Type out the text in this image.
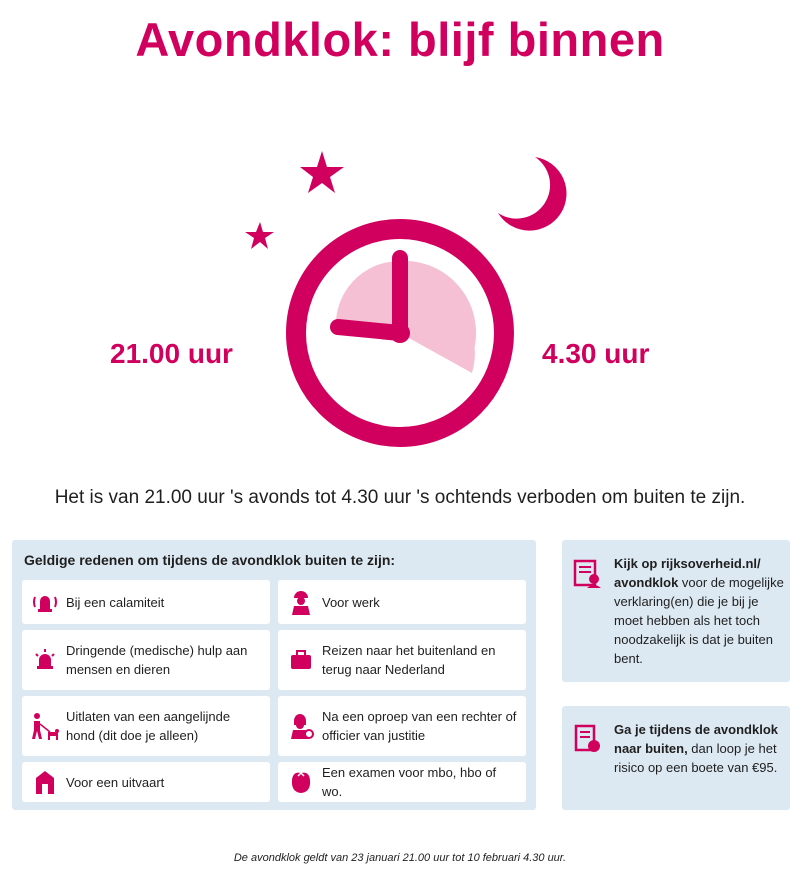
Avondklok: blijf binnen
21.00 uur	4.30 uur
Het is van 21.00 uur 's avonds tot 4.30 uur 's ochtends verboden om buiten te zijn.
Geldige redenen om tijdens de avondklok buiten te zijn:
Bij een calamiteit	Voor werk
Dringende (medische) hulp aan mensen en dieren
Reizen naar het buitenland en terug naar Nederland
Uitlaten van een aangelijnde hond (dit doe je alleen)
Na een oproep van een rechter of officier van justitie
Voor een uitvaart
Een examen voor mbo, hbo of wo.
Kijk op rijksoverheid.nl/ avondklok voor de mogelijke verklaring(en) die je bij je moet hebben als het toch noodzakelijk is dat je buiten bent.
Ga je tijdens de avondklok naar buiten, dan loop je het risico op een boete van €95.
De avondklok geldt van 23 januari 21.00 uur tot 10 februari 4.30 uur.
